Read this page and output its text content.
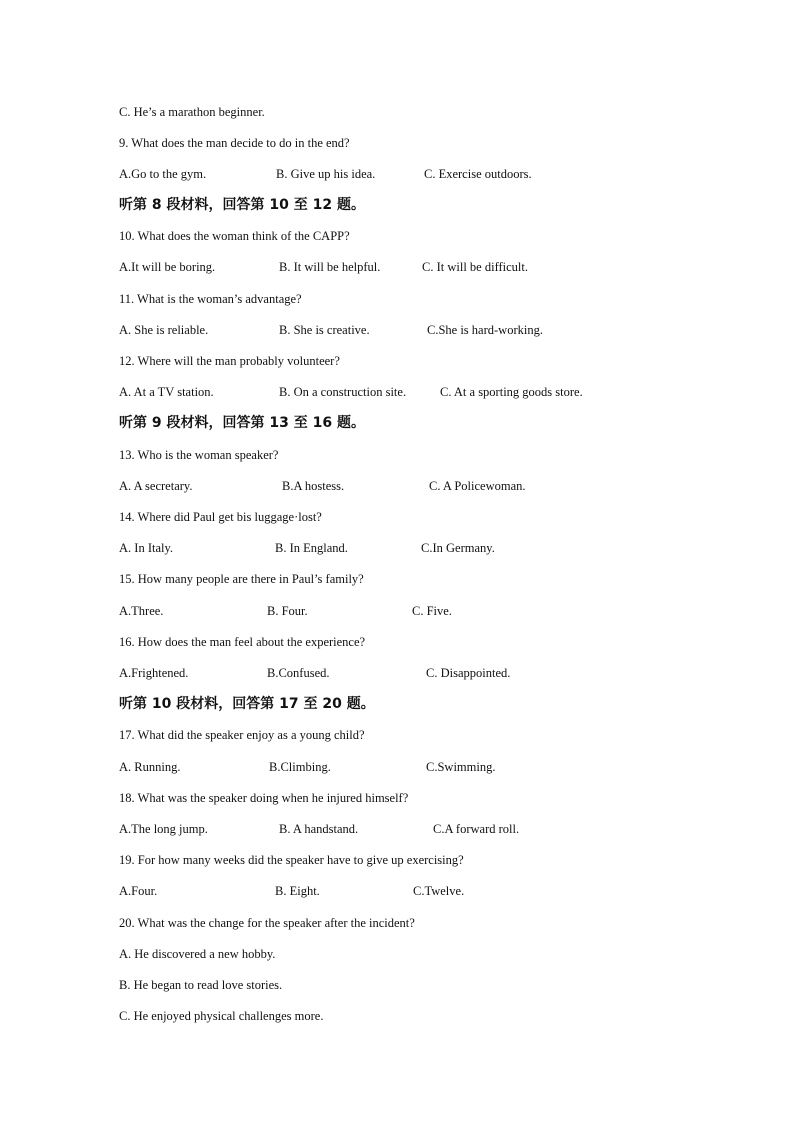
C. He’s a marathon beginner.
9. What does the man decide to do in the end?
A.Go to the gym.	B. Give up his idea.	C. Exercise outdoors.
听第 8 段材料，回答第 10 至 12 题。
10. What does the woman think of the CAPP?
A.It will be boring.	B. It will be helpful.	C. It will be difficult.
11. What is the woman’s advantage?
A. She is reliable.	B. She is creative.	C.She is hard-working.
12. Where will the man probably volunteer?
A. At a TV station.	B. On a construction site.	C. At a sporting goods store.
听第 9 段材料，回答第 13 至 16 题。
13. Who is the woman speaker?
A. A secretary.	B.A hostess.	C. A Policewoman.
14. Where did Paul get bis luggage·lost?
A. In Italy.	B. In England.	C.In Germany.
15. How many people are there in Paul’s family?
A.Three.	B. Four.	C. Five.
16. How does the man feel about the experience?
A.Frightened.	B.Confused.	C. Disappointed.
听第 10 段材料，回答第 17 至 20 题。
17. What did the speaker enjoy as a young child?
A. Running.	B.Climbing.	C.Swimming.
18. What was the speaker doing when he injured himself?
A.The long jump.	B. A handstand.	C.A forward roll.
19. For how many weeks did the speaker have to give up exercising?
A.Four.	B. Eight.	C.Twelve.
20. What was the change for the speaker after the incident?
A. He discovered a new hobby.
B. He began to read love stories.
C. He enjoyed physical challenges more.
